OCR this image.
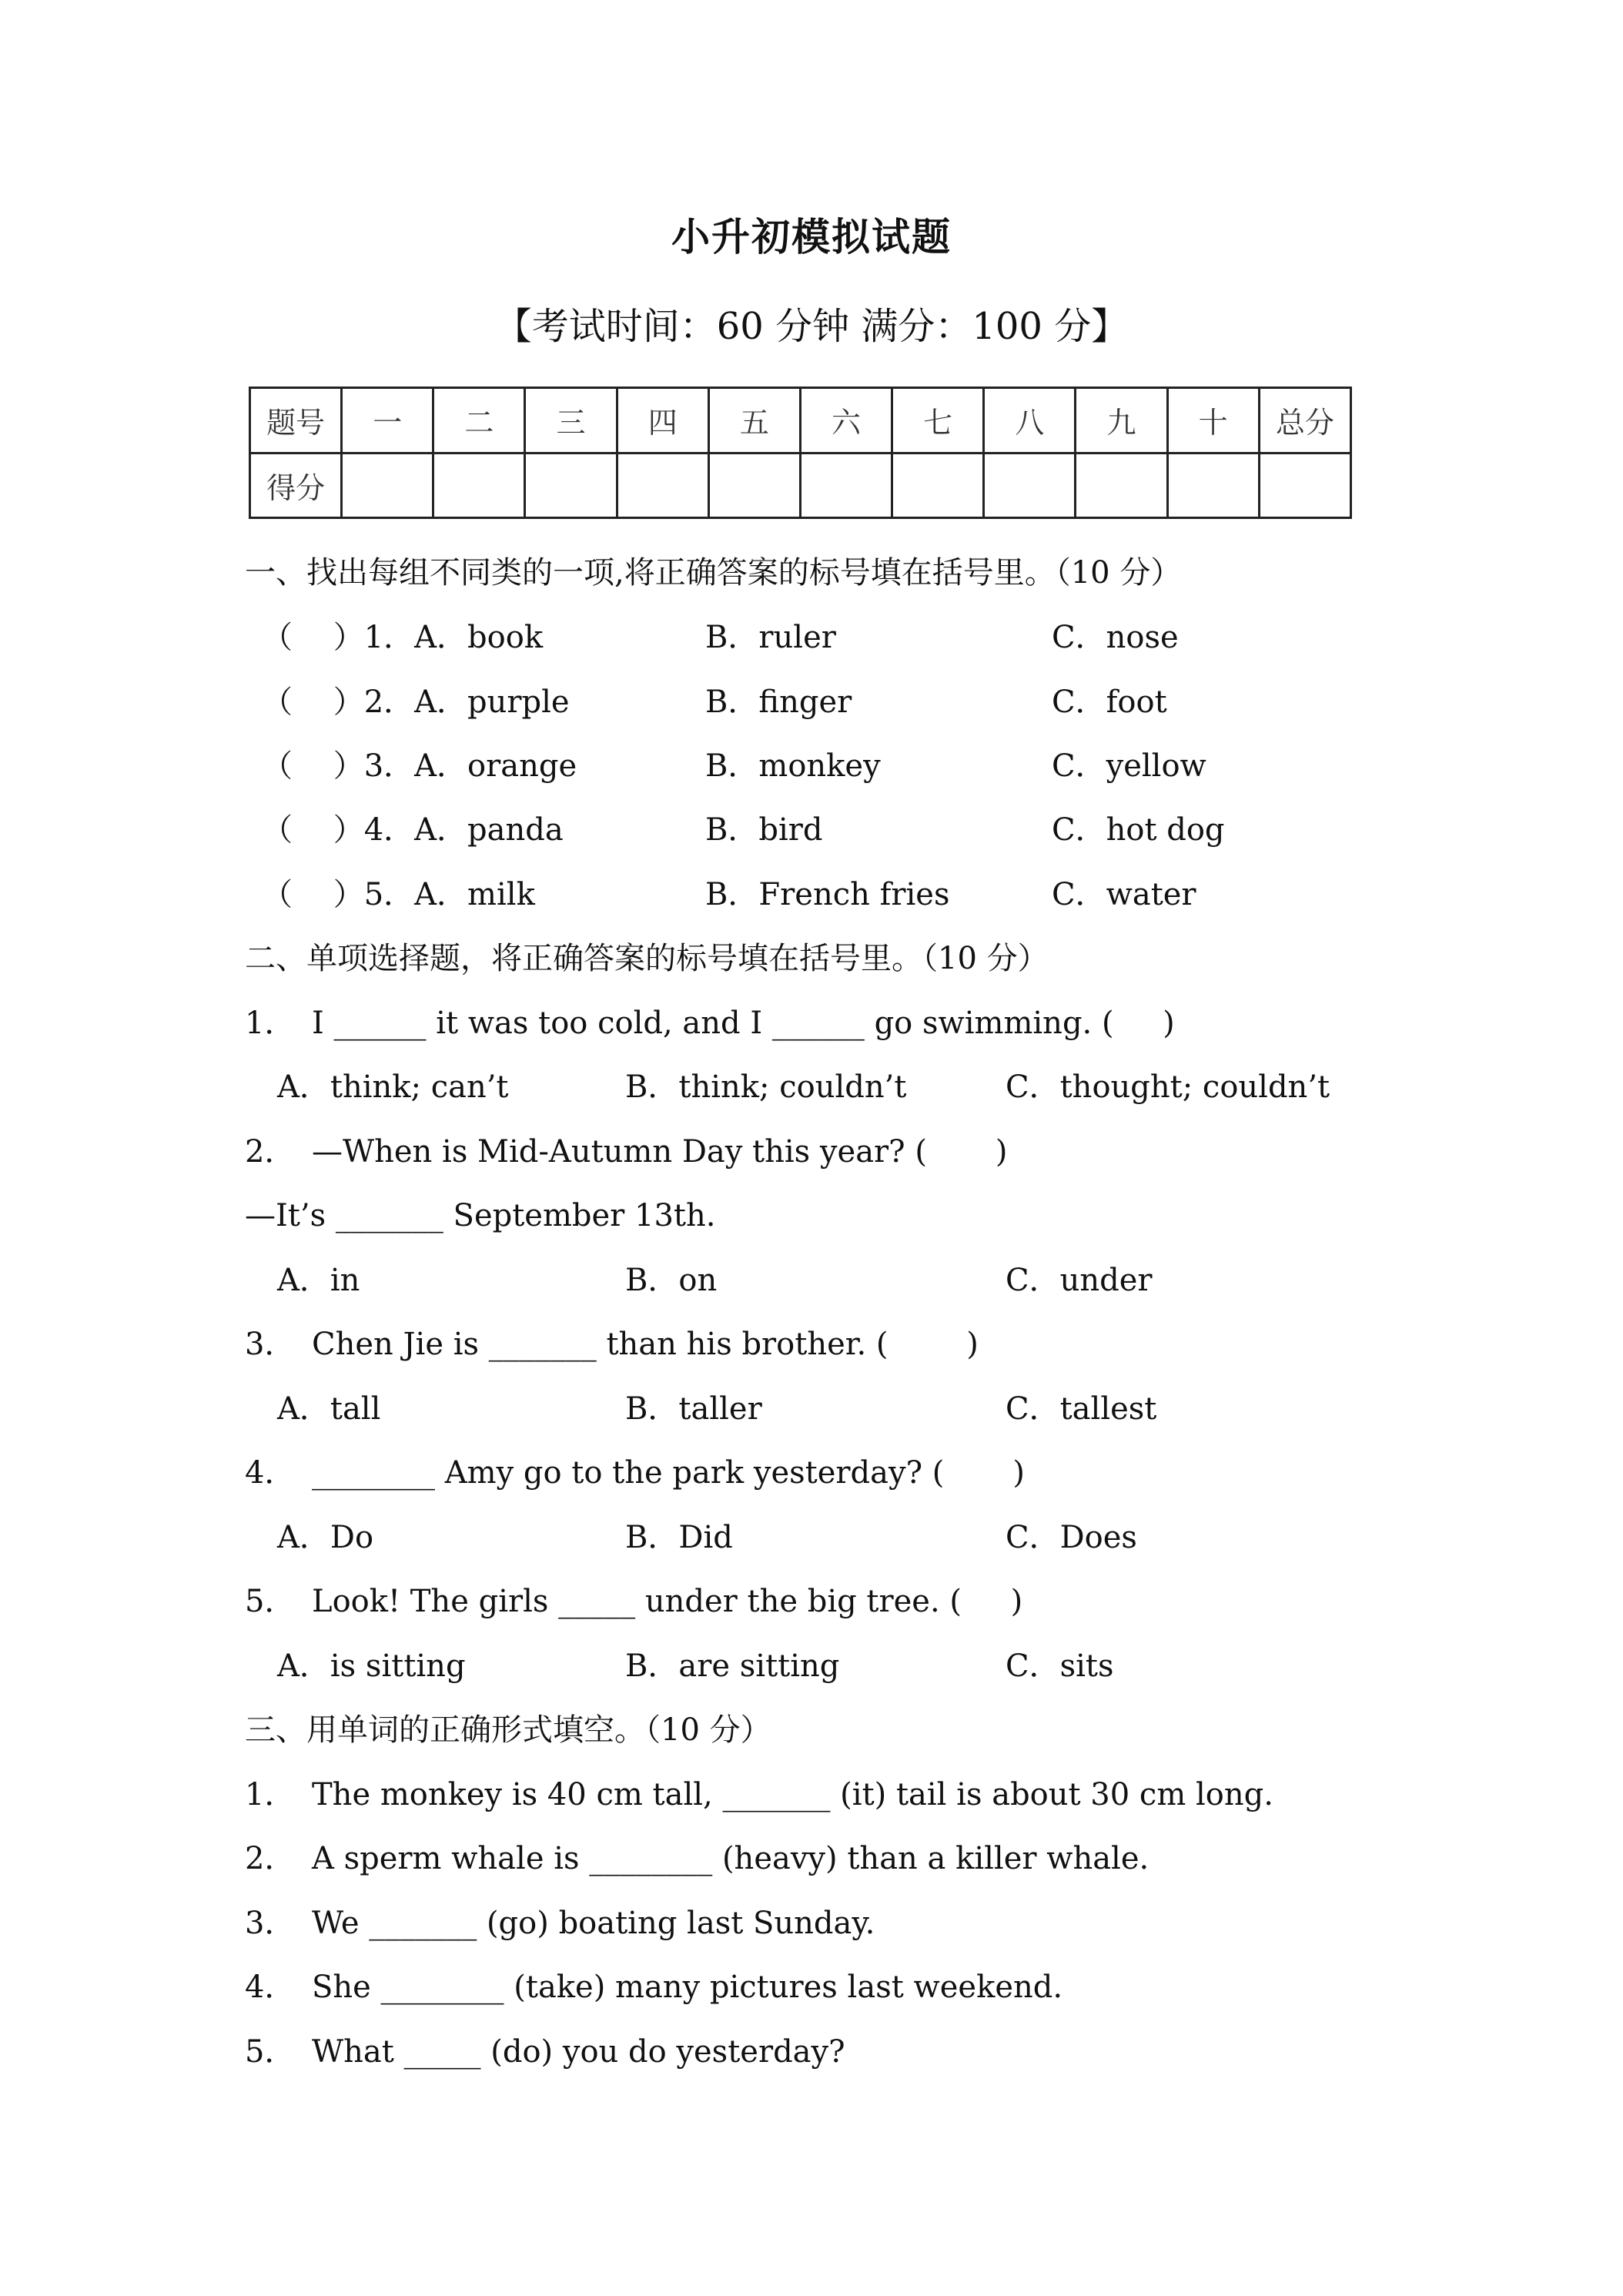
小升初模拟试题
【考试时间：60 分钟 满分：100 分】
题号	一	二	三	四	五	六	七	八	九	十	总分
得分											
一、找出每组不同类的一项,将正确答案的标号填在括号里。（10 分）
（　 ）1．A．book	B．ruler	C．nose
（　 ）2．A．purple	B．finger	C．foot
（　 ）3．A．orange	B．monkey	C．yellow
（　 ）4．A．panda	B．bird	C．hot dog
（　 ）5．A．milk	B．French fries	C．water
二、单项选择题，将正确答案的标号填在括号里。（10 分）
1． I ______ it was too cold, and I ______ go swimming. (     )
A．think; can’t	B．think; couldn’t	C．thought; couldn’t
2． —When is Mid-Autumn Day this year? (       )
—It’s _______ September 13th.
A．in	B．on	C．under
3． Chen Jie is _______ than his brother. (        )
A．tall	B．taller	C．tallest
4． ________ Amy go to the park yesterday? (       )
A．Do	B．Did	C．Does
5． Look! The girls _____ under the big tree. (     )
A．is sitting	B．are sitting	C．sits
三、用单词的正确形式填空。（10 分）
1． The monkey is 40 cm tall, _______ (it) tail is about 30 cm long.
2． A sperm whale is ________ (heavy) than a killer whale.
3． We _______ (go) boating last Sunday.
4． She ________ (take) many pictures last weekend.
5． What _____ (do) you do yesterday?
